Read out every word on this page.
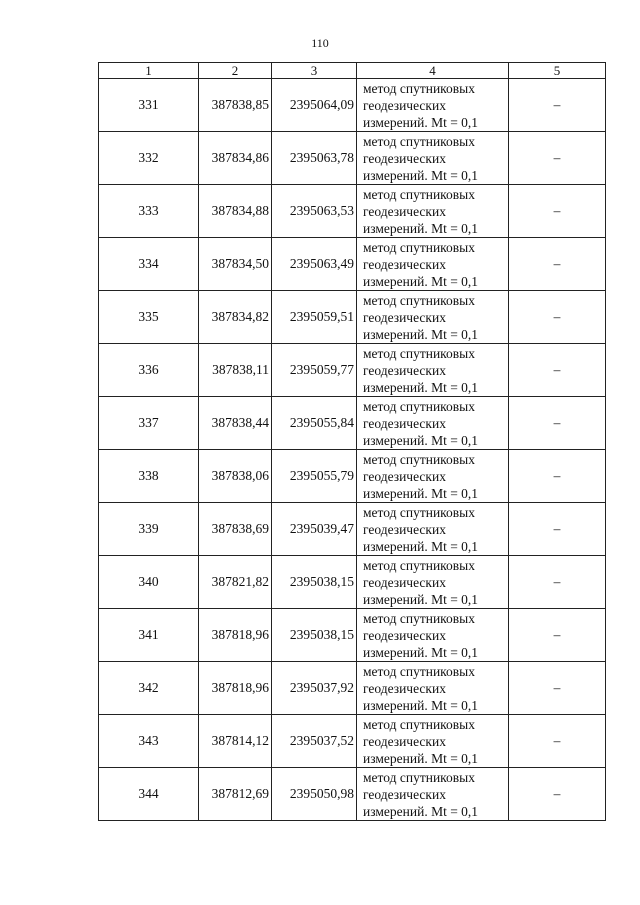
110
1	2	3	4	5
331	387838,85	2395064,09	метод спутниковых
геодезических
измерений. Mt = 0,1	–
332	387834,86	2395063,78	метод спутниковых
геодезических
измерений. Mt = 0,1	–
333	387834,88	2395063,53	метод спутниковых
геодезических
измерений. Mt = 0,1	–
334	387834,50	2395063,49	метод спутниковых
геодезических
измерений. Mt = 0,1	–
335	387834,82	2395059,51	метод спутниковых
геодезических
измерений. Mt = 0,1	–
336	387838,11	2395059,77	метод спутниковых
геодезических
измерений. Mt = 0,1	–
337	387838,44	2395055,84	метод спутниковых
геодезических
измерений. Mt = 0,1	–
338	387838,06	2395055,79	метод спутниковых
геодезических
измерений. Mt = 0,1	–
339	387838,69	2395039,47	метод спутниковых
геодезических
измерений. Mt = 0,1	–
340	387821,82	2395038,15	метод спутниковых
геодезических
измерений. Mt = 0,1	–
341	387818,96	2395038,15	метод спутниковых
геодезических
измерений. Mt = 0,1	–
342	387818,96	2395037,92	метод спутниковых
геодезических
измерений. Mt = 0,1	–
343	387814,12	2395037,52	метод спутниковых
геодезических
измерений. Mt = 0,1	–
344	387812,69	2395050,98	метод спутниковых
геодезических
измерений. Mt = 0,1	–
